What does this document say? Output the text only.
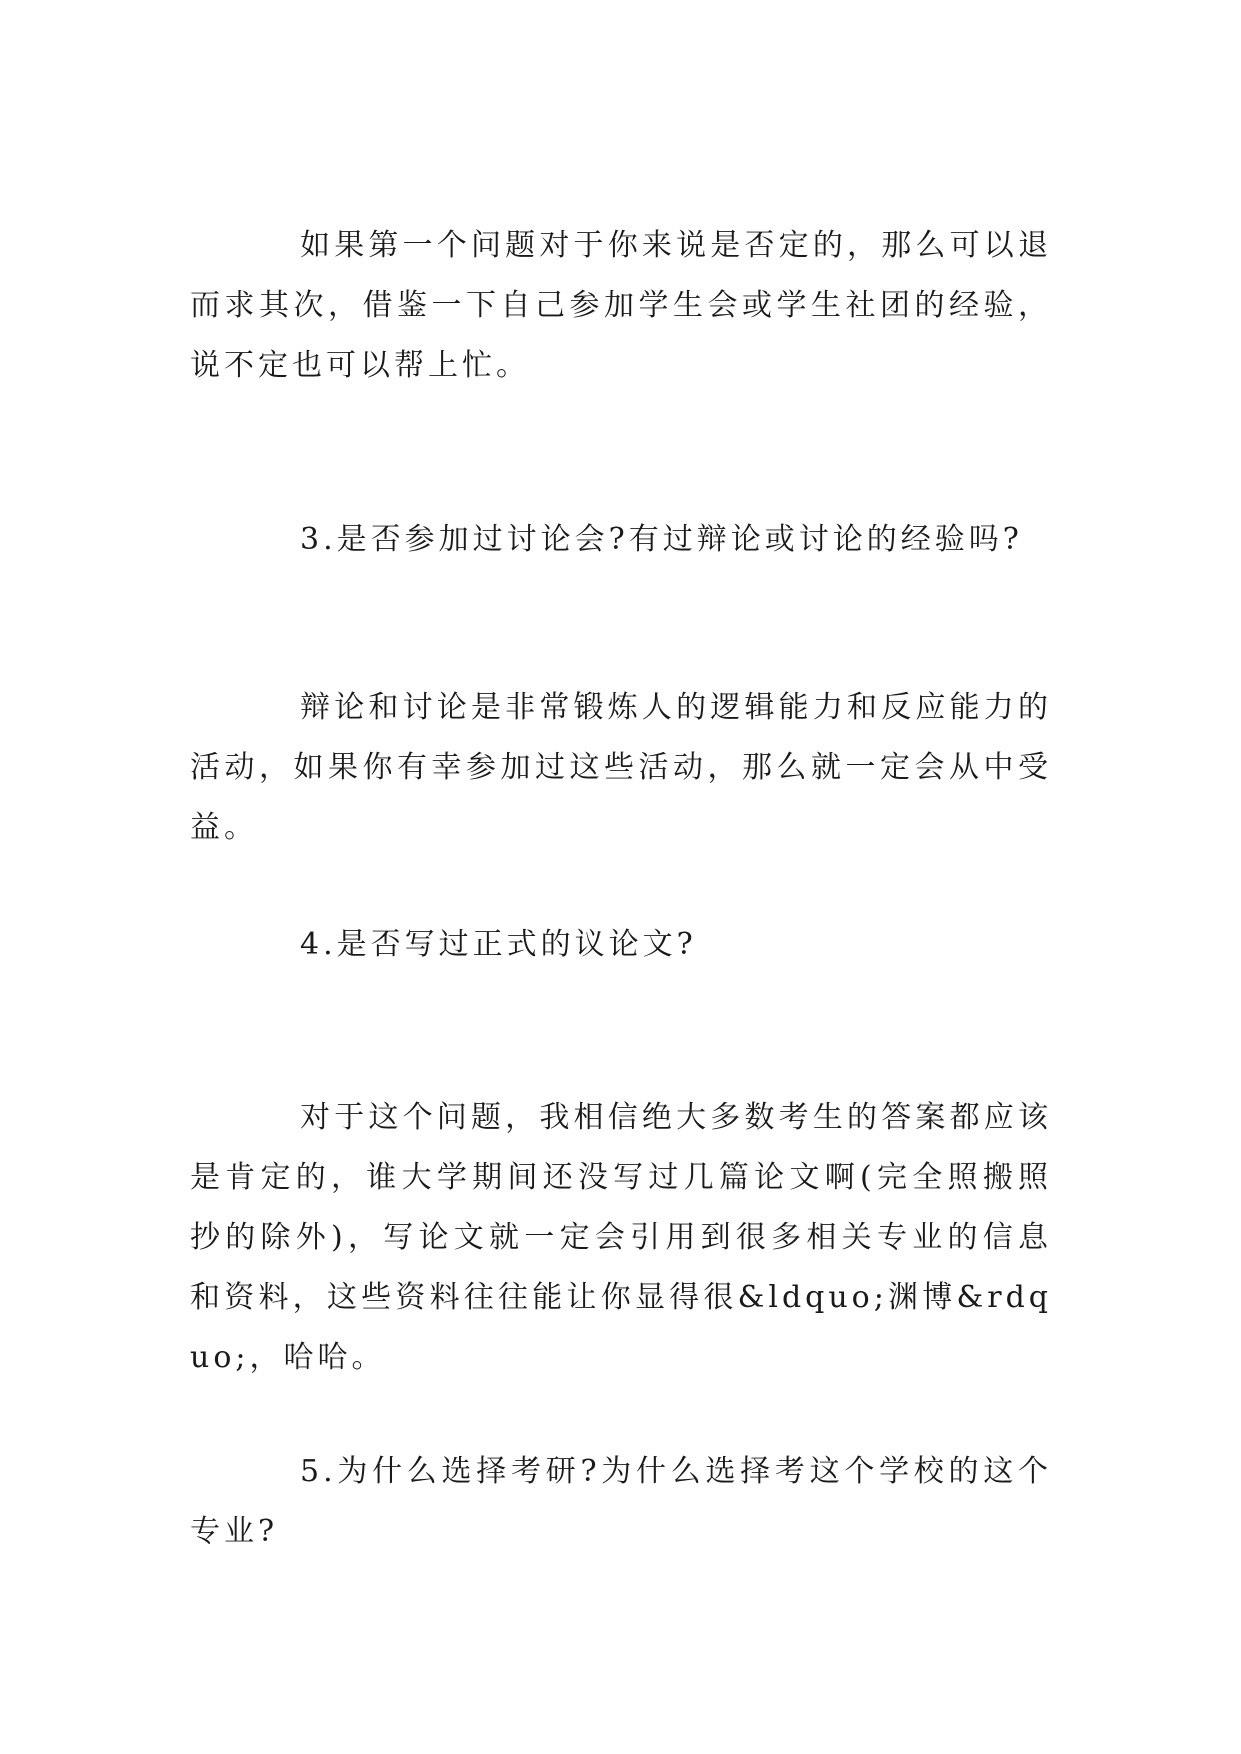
如果第一个问题对于你来说是否定的，那么可以退而求其次，借鉴一下自己参加学生会或学生社团的经验，说不定也可以帮上忙。

3.是否参加过讨论会?有过辩论或讨论的经验吗?

辩论和讨论是非常锻炼人的逻辑能力和反应能力的活动，如果你有幸参加过这些活动，那么就一定会从中受益。

4.是否写过正式的议论文?

对于这个问题，我相信绝大多数考生的答案都应该是肯定的，谁大学期间还没写过几篇论文啊(完全照搬照抄的除外)，写论文就一定会引用到很多相关专业的信息和资料，这些资料往往能让你显得很&ldquo;渊博&rdquo;，哈哈。

5.为什么选择考研?为什么选择考这个学校的这个专业?
